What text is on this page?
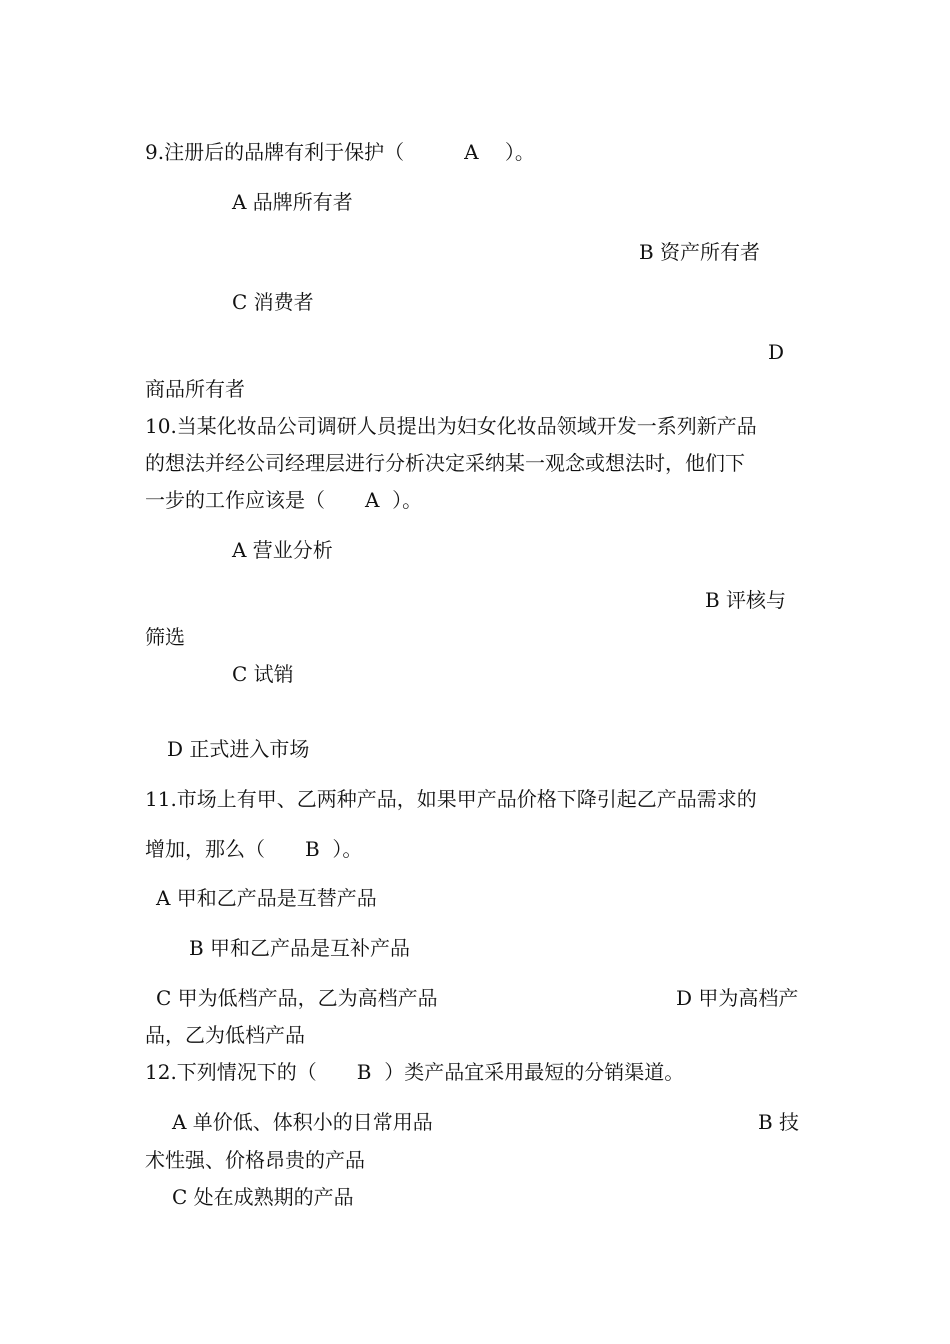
9.注册后的品牌有利于保护（　　　A 　）。
A 品牌所有者
B 资产所有者
C 消费者
D
商品所有者
10.当某化妆品公司调研人员提出为妇女化妆品领域开发一系列新产品
的想法并经公司经理层进行分析决定采纳某一观念或想法时，他们下
一步的工作应该是（　　A  ）。
A 营业分析
B 评核与
筛选
C 试销
D 正式进入市场
11.市场上有甲、乙两种产品，如果甲产品价格下降引起乙产品需求的
增加，那么（　　B  ）。
A 甲和乙产品是互替产品
B 甲和乙产品是互补产品
C 甲为低档产品，乙为高档产品	D 甲为高档产
品，乙为低档产品
12.下列情况下的（　　B  ）类产品宜采用最短的分销渠道。
A 单价低、体积小的日常用品	B 技
术性强、价格昂贵的产品
C 处在成熟期的产品
